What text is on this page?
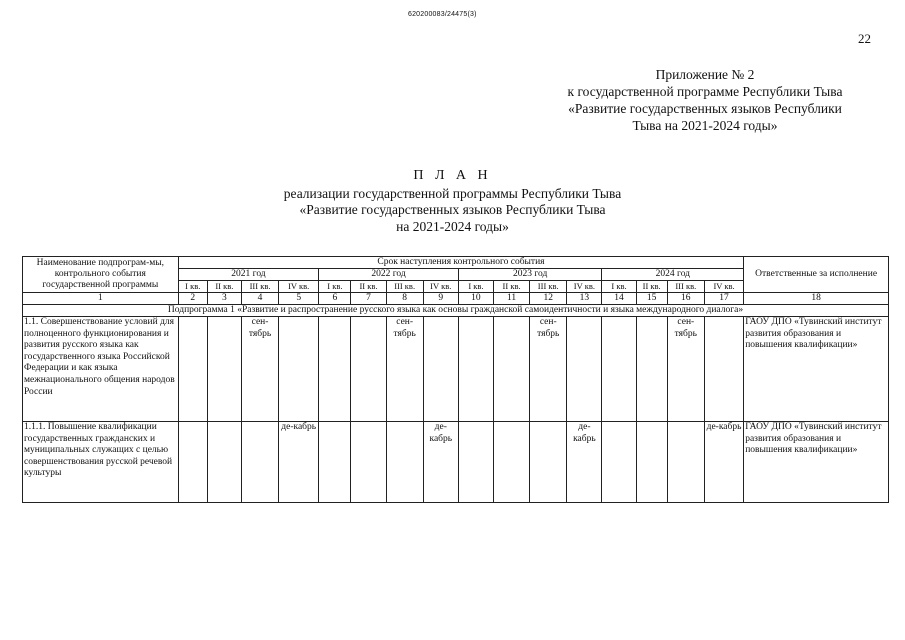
620200083/24475(3)
22
Приложение № 2
к государственной программе Республики Тыва
«Развитие государственных языков Республики
Тыва на 2021-2024 годы»
П Л А Н
реализации государственной программы Республики Тыва
«Развитие государственных языков Республики Тыва
на 2021-2024 годы»
Наименование подпрограм-мы, контрольного события государственной программы	Срок наступления контрольного события																Ответственные за исполнение
	2021 год				2022 год				2023 год				2024 год				
	I кв.	II кв.	III кв.	IV кв.	I кв.	II кв.	III кв.	IV кв.	I кв.	II кв.	III кв.	IV кв.	I кв.	II кв.	III кв.	IV кв.	
1	2	3	4	5	6	7	8	9	10	11	12	13	14	15	16	17	18
Подпрограмма 1 «Развитие и распространение русского языка как основы гражданской самоидентичности и языка международного диалога»																	
1.1. Совершенствование условий для полноценного функционирования и развития русского языка как государственного языка Российской Федерации и как языка межнационального общения народов России			сен-тябрь				сен-тябрь				сен-тябрь				сен-тябрь		ГАОУ ДПО «Тувинский институт развития образования и повышения квалификации»
1.1.1. Повышение квалификации государственных гражданских и муниципальных служащих с целью совершенствования русской речевой культуры				де-кабрь				де-кабрь				де-кабрь				де-кабрь	ГАОУ ДПО «Тувинский институт развития образования и повышения квалификации»
